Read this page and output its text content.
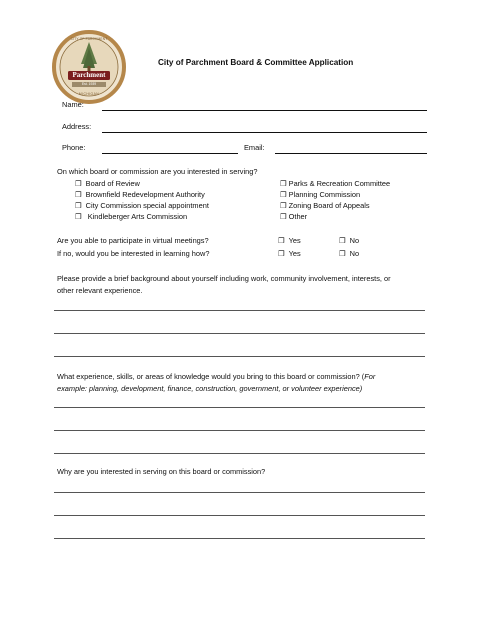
Parchment
CITY OF PARCHMENT
Est. 1939
MICHIGAN
City of Parchment Board & Committee Application
Name:
Address:
Phone:	Email:
On which board or commission are you interested in serving?
❒ Board of Review
❒ Brownfield Redevelopment Authority
❒ City Commission special appointment
❒ Kindleberger Arts Commission
❒ Parks & Recreation Committee
❒ Planning Commission
❒ Zoning Board of Appeals
❒ Other
Are you able to participate in virtual meetings?	❒ Yes	❒ No
If no, would you be interested in learning how?	❒ Yes	❒ No
Please provide a brief background about yourself including work, community involvement, interests, or
other relevant experience.
What experience, skills, or areas of knowledge would you bring to this board or commission? (For
example: planning, development, finance, construction, government, or volunteer experience)
Why are you interested in serving on this board or commission?
